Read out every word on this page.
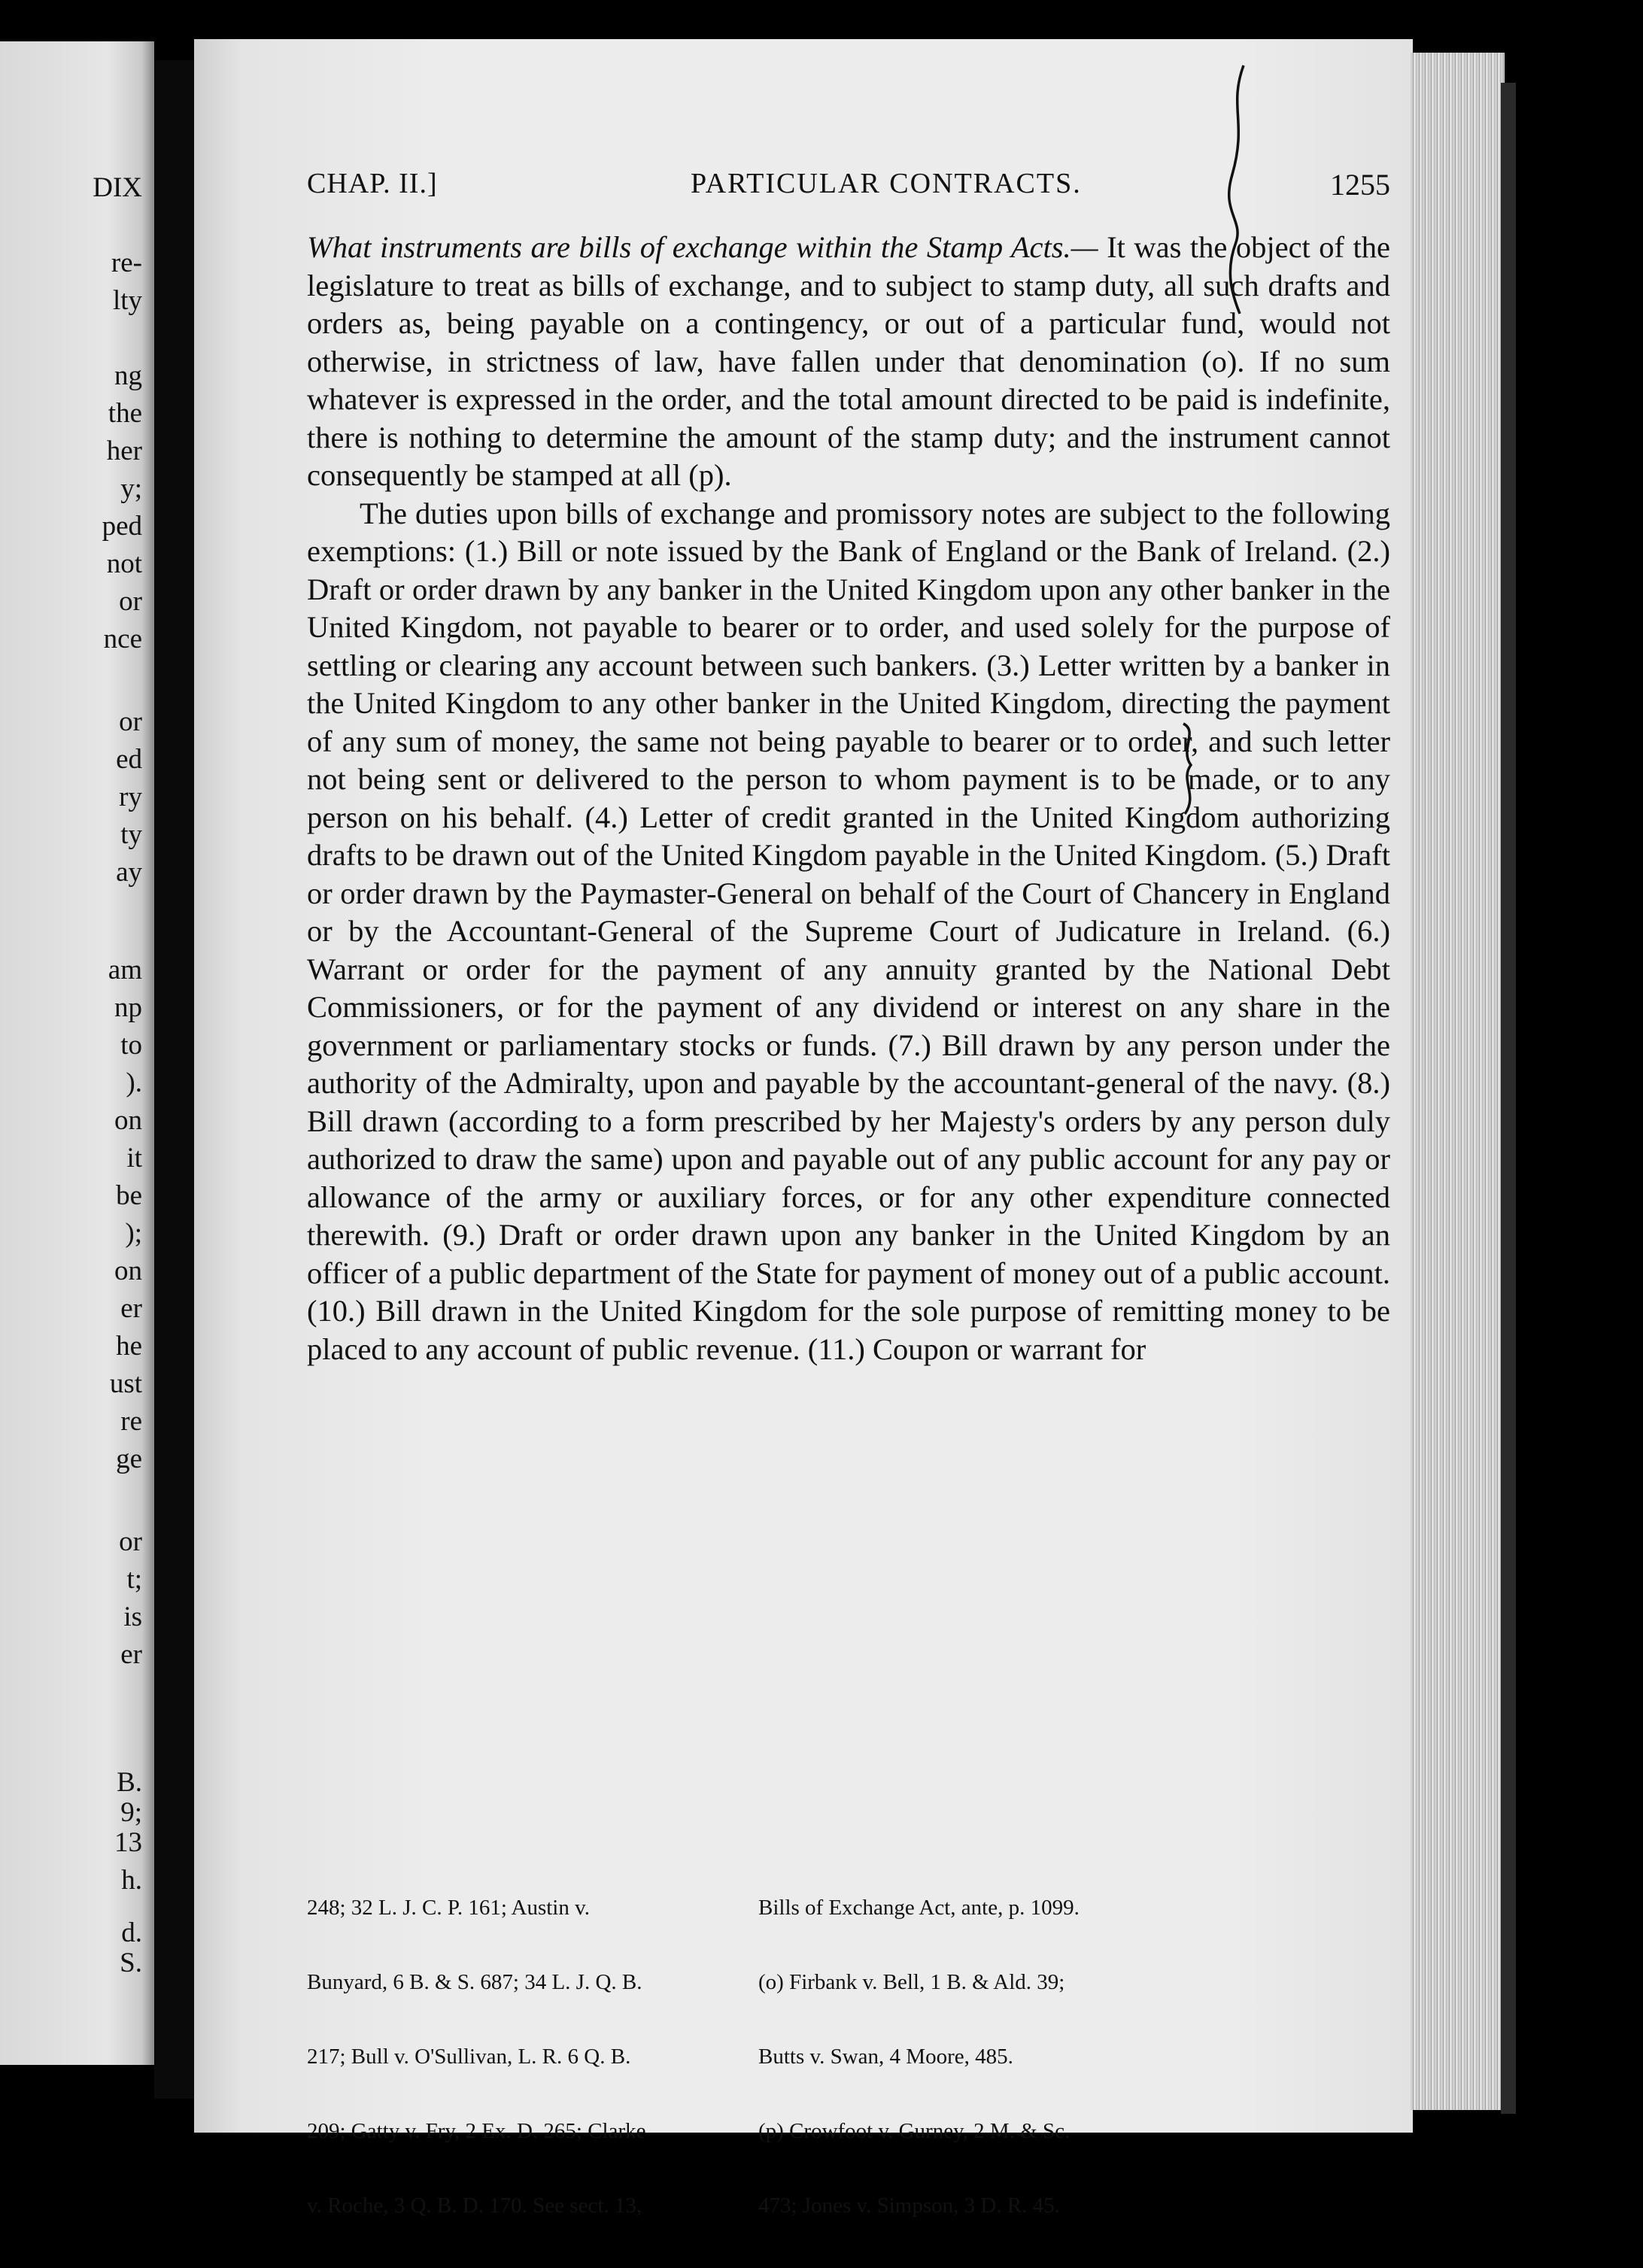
DIX
re-
lty
ng
the
her
y;
ped
not
or
nce
or
ed
ry
ty
ay
am
np
to
).
on
it
be
);
on
er
he
ust
re
ge
or
t;
is
er
B.
9;
13
h.
d.
S.
CHAP. II.]	PARTICULAR CONTRACTS.	1255

What instruments are bills of exchange within the Stamp Acts.— It was the object of the legislature to treat as bills of exchange, and to subject to stamp duty, all such drafts and orders as, being payable on a contingency, or out of a particular fund, would not otherwise, in strictness of law, have fallen under that denomination (o). If no sum whatever is expressed in the order, and the total amount directed to be paid is indefinite, there is nothing to determine the amount of the stamp duty; and the instrument cannot consequently be stamped at all (p).

The duties upon bills of exchange and promissory notes are subject to the following exemptions: (1.) Bill or note issued by the Bank of England or the Bank of Ireland. (2.) Draft or order drawn by any banker in the United Kingdom upon any other banker in the United Kingdom, not payable to bearer or to order, and used solely for the purpose of settling or clearing any account between such bankers. (3.) Letter written by a banker in the United Kingdom to any other banker in the United Kingdom, directing the payment of any sum of money, the same not being payable to bearer or to order, and such letter not being sent or delivered to the person to whom payment is to be made, or to any person on his behalf. (4.) Letter of credit granted in the United Kingdom authorizing drafts to be drawn out of the United Kingdom payable in the United Kingdom. (5.) Draft or order drawn by the Paymaster-General on behalf of the Court of Chancery in England or by the Accountant-General of the Supreme Court of Judicature in Ireland. (6.) Warrant or order for the payment of any annuity granted by the National Debt Commissioners, or for the payment of any dividend or interest on any share in the government or parliamentary stocks or funds. (7.) Bill drawn by any person under the authority of the Admiralty, upon and payable by the accountant-general of the navy. (8.) Bill drawn (according to a form prescribed by her Majesty's orders by any person duly authorized to draw the same) upon and payable out of any public account for any pay or allowance of the army or auxiliary forces, or for any other expenditure connected therewith. (9.) Draft or order drawn upon any banker in the United Kingdom by an officer of a public department of the State for payment of money out of a public account. (10.) Bill drawn in the United Kingdom for the sole purpose of remitting money to be placed to any account of public revenue. (11.) Coupon or warrant for

248; 32 L. J. C. P. 161; Austin v.

Bunyard, 6 B. & S. 687; 34 L. J. Q. B.

217; Bull v. O'Sullivan, L. R. 6 Q. B.

209; Gatty v. Fry, 2 Ex. D. 265; Clarke

v. Roche, 3 Q. B. D. 170. See sect. 13,

Bills of Exchange Act, ante, p. 1099.

(o) Firbank v. Bell, 1 B. & Ald. 39;

Butts v. Swan, 4 Moore, 485.

(p) Crowfoot v. Gurney, 2 M. & Sc.

473; Jones v. Simpson, 3 D. R. 45.
